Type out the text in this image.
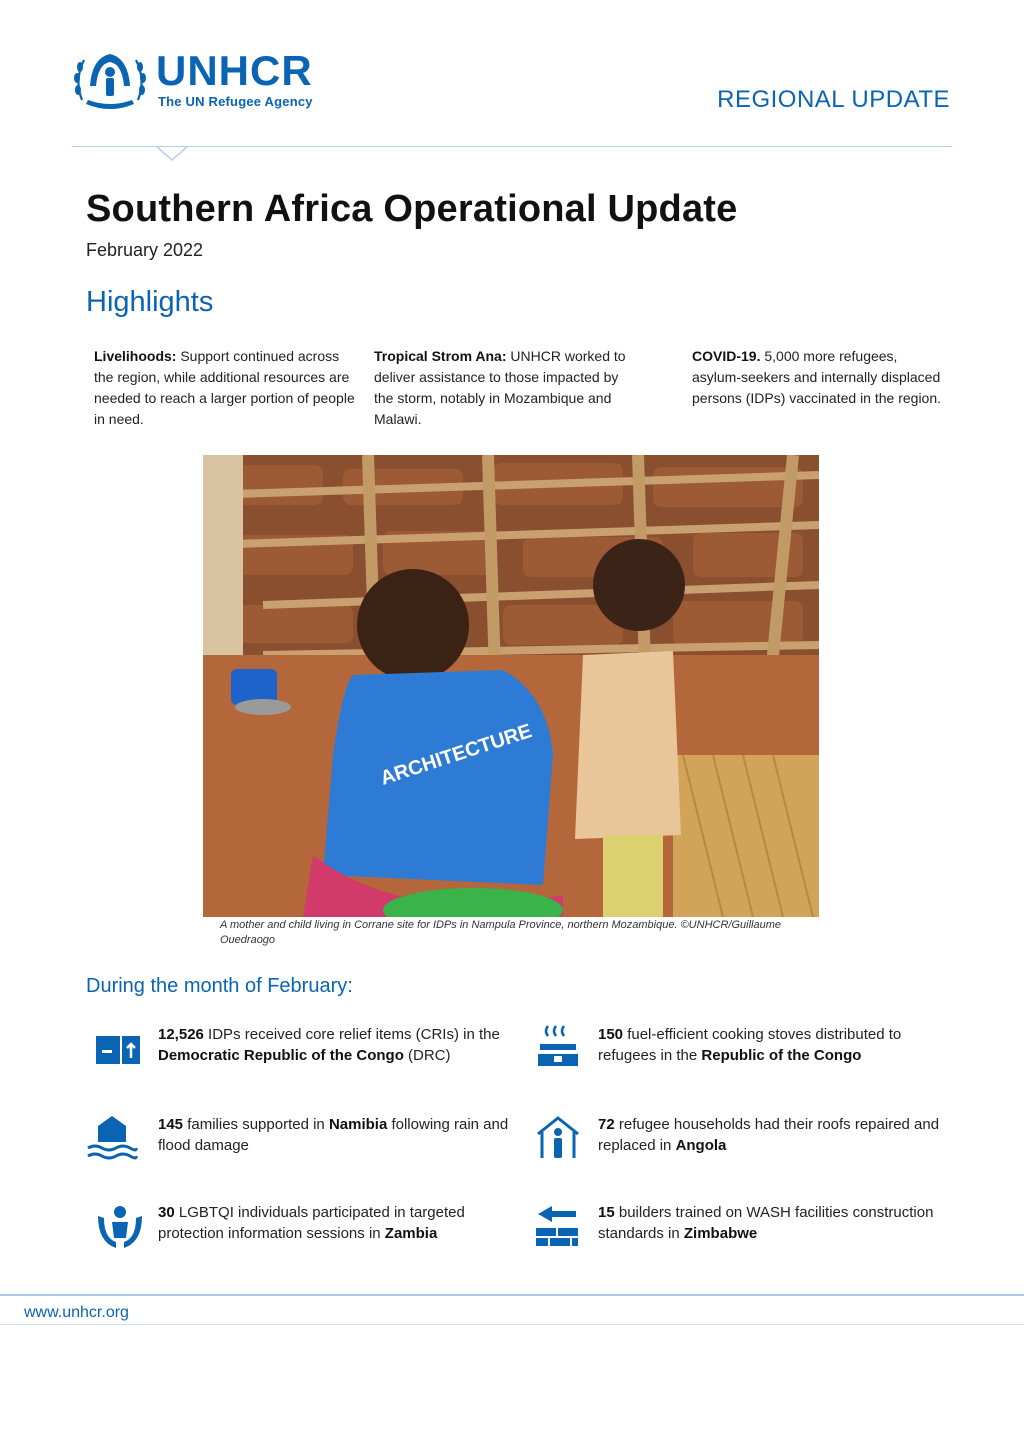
UNHCR
The UN Refugee Agency	REGIONAL UPDATE
Southern Africa Operational Update
February 2022
Highlights
Livelihoods: Support continued across the region, while additional resources are needed to reach a larger portion of people in need.
Tropical Strom Ana: UNHCR worked to deliver assistance to those impacted by the storm, notably in Mozambique and Malawi.
COVID-19. 5,000 more refugees, asylum-seekers and internally displaced persons (IDPs) vaccinated in the region.
ARCHITECTURE
A mother and child living in Corrane site for IDPs in Nampula Province, northern Mozambique. ©UNHCR/Guillaume Ouedraogo
During the month of February:
12,526 IDPs received core relief items (CRIs) in the Democratic Republic of the Congo (DRC)
150 fuel-efficient cooking stoves distributed to refugees in the Republic of the Congo
145 families supported in Namibia following rain and flood damage
72 refugee households had their roofs repaired and replaced in Angola
30 LGBTQI individuals participated in targeted protection information sessions in Zambia
15 builders trained on WASH facilities construction standards in Zimbabwe
www.unhcr.org
